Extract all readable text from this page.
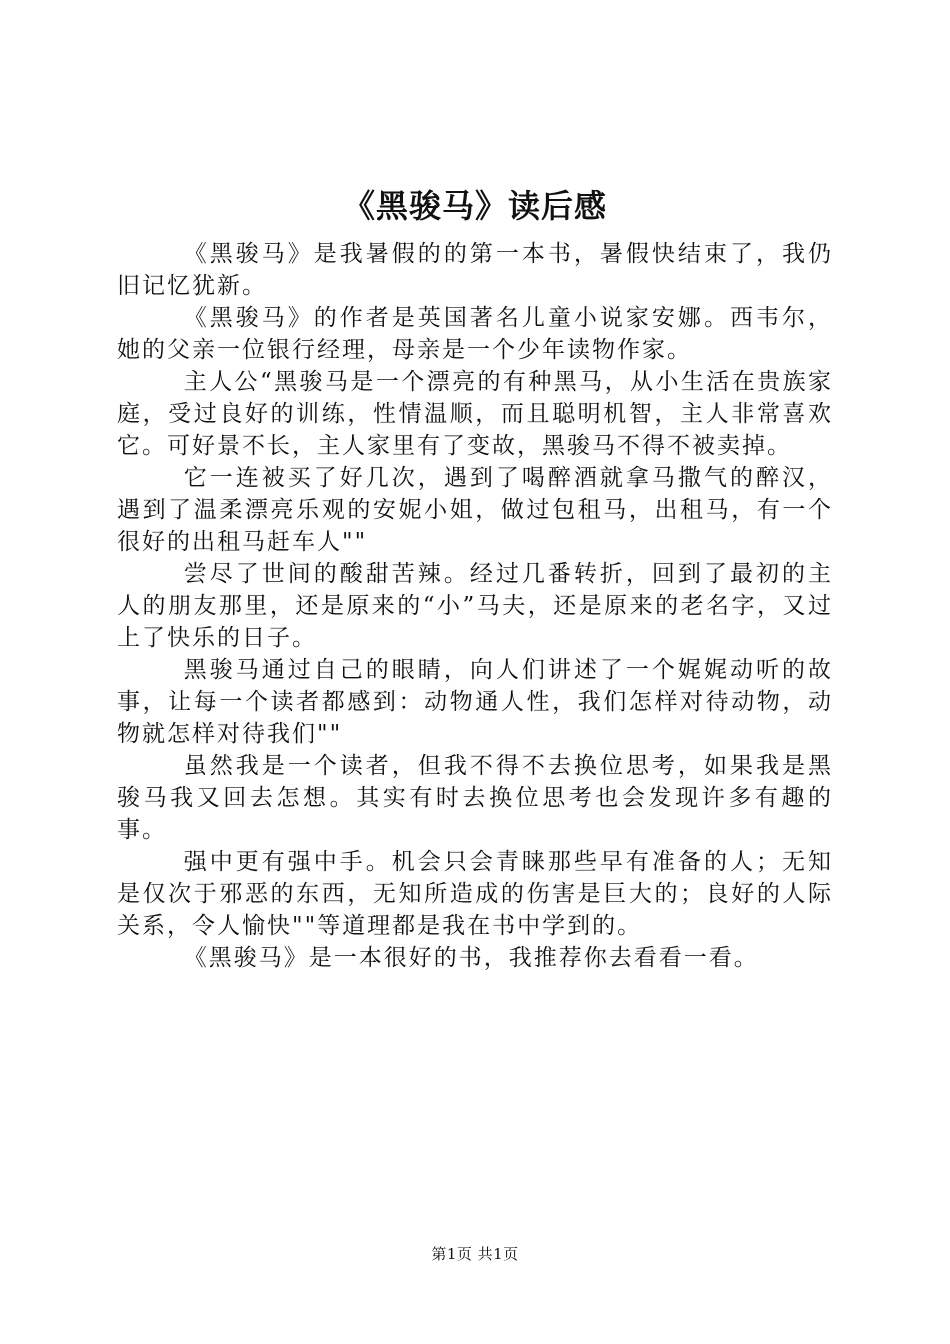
《黑骏马》读后感

《黑骏马》是我暑假的的第一本书，暑假快结束了，我仍旧记忆犹新。

《黑骏马》的作者是英国著名儿童小说家安娜。西韦尔，她的父亲一位银行经理，母亲是一个少年读物作家。

主人公“黑骏马是一个漂亮的有种黑马，从小生活在贵族家庭，受过良好的训练，性情温顺，而且聪明机智，主人非常喜欢它。可好景不长，主人家里有了变故，黑骏马不得不被卖掉。

它一连被买了好几次，遇到了喝醉酒就拿马撒气的醉汉，遇到了温柔漂亮乐观的安妮小姐，做过包租马，出租马，有一个很好的出租马赶车人""

尝尽了世间的酸甜苦辣。经过几番转折，回到了最初的主人的朋友那里，还是原来的“小”马夫，还是原来的老名字，又过上了快乐的日子。

黑骏马通过自己的眼睛，向人们讲述了一个娓娓动听的故事，让每一个读者都感到：动物通人性，我们怎样对待动物，动物就怎样对待我们""

虽然我是一个读者，但我不得不去换位思考，如果我是黑骏马我又回去怎想。其实有时去换位思考也会发现许多有趣的事。

强中更有强中手。机会只会青睐那些早有准备的人；无知是仅次于邪恶的东西，无知所造成的伤害是巨大的；良好的人际关系，令人愉快""等道理都是我在书中学到的。

《黑骏马》是一本很好的书，我推荐你去看看一看。

第1页 共1页
